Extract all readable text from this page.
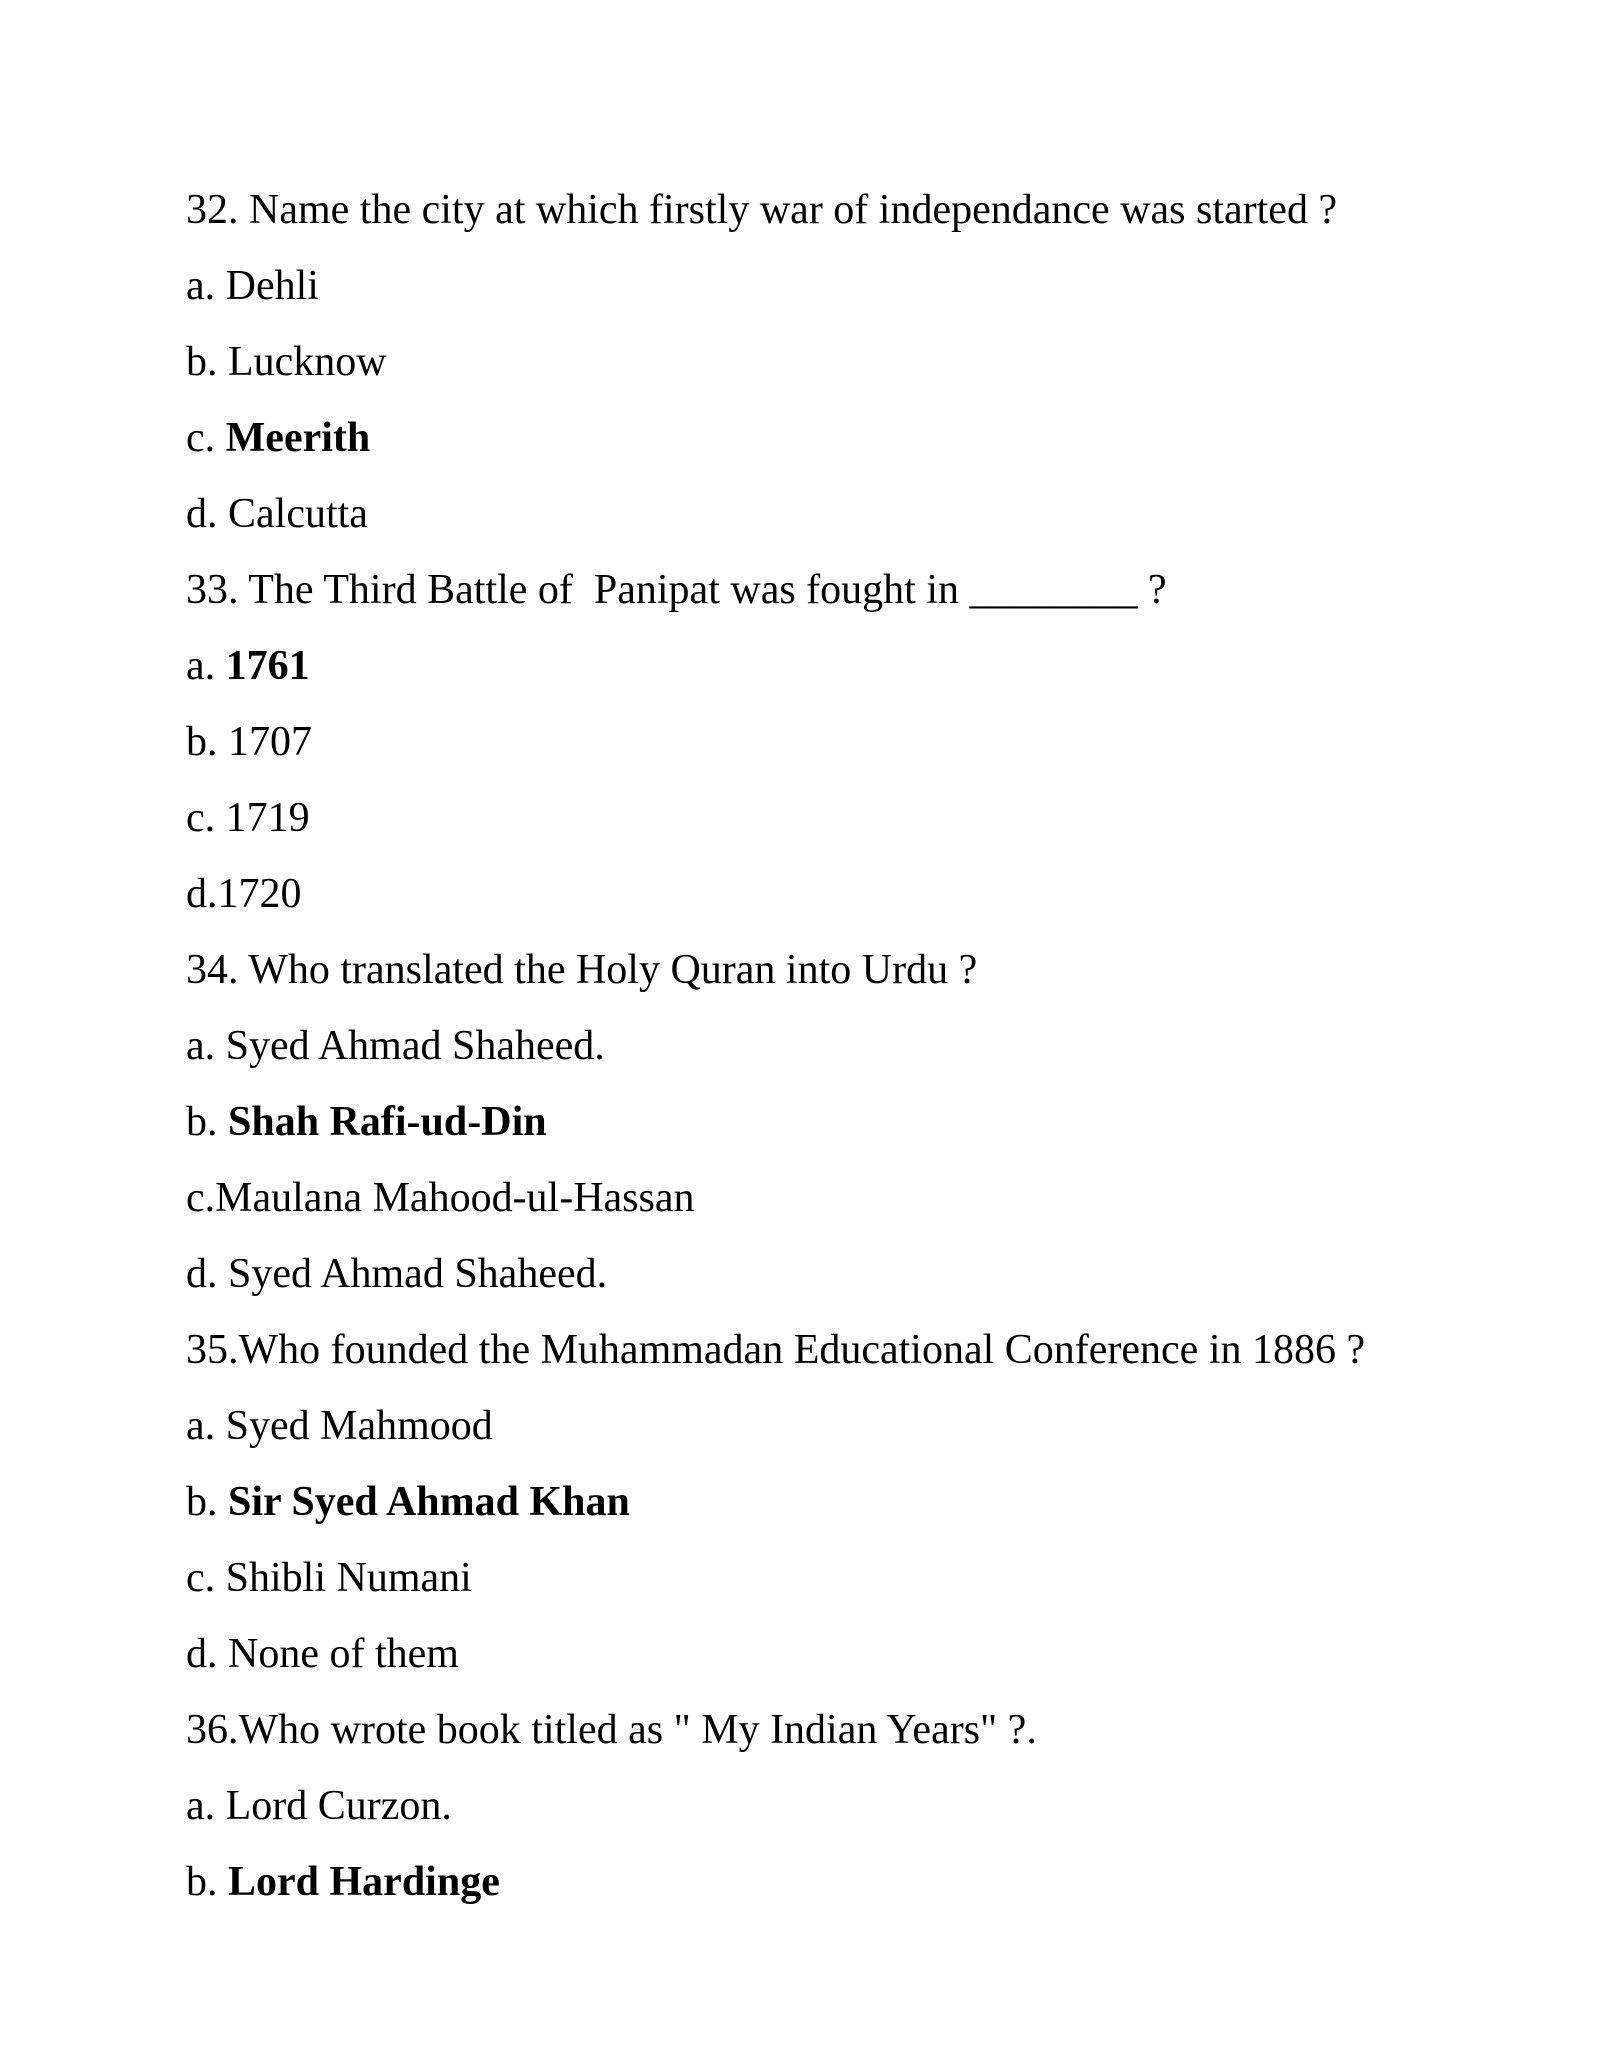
32. Name the city at which firstly war of independance was started ?

a. Dehli

b. Lucknow

c. Meerith

d. Calcutta

33. The Third Battle of  Panipat was fought in ________ ?

a. 1761

b. 1707

c. 1719

d.1720

34. Who translated the Holy Quran into Urdu ?

a. Syed Ahmad Shaheed.

b. Shah Rafi-ud-Din

c.Maulana Mahood-ul-Hassan

d. Syed Ahmad Shaheed.

35.Who founded the Muhammadan Educational Conference in 1886 ?

a. Syed Mahmood

b. Sir Syed Ahmad Khan

c. Shibli Numani

d. None of them

36.Who wrote book titled as " My Indian Years" ?.

a. Lord Curzon.

b. Lord Hardinge
